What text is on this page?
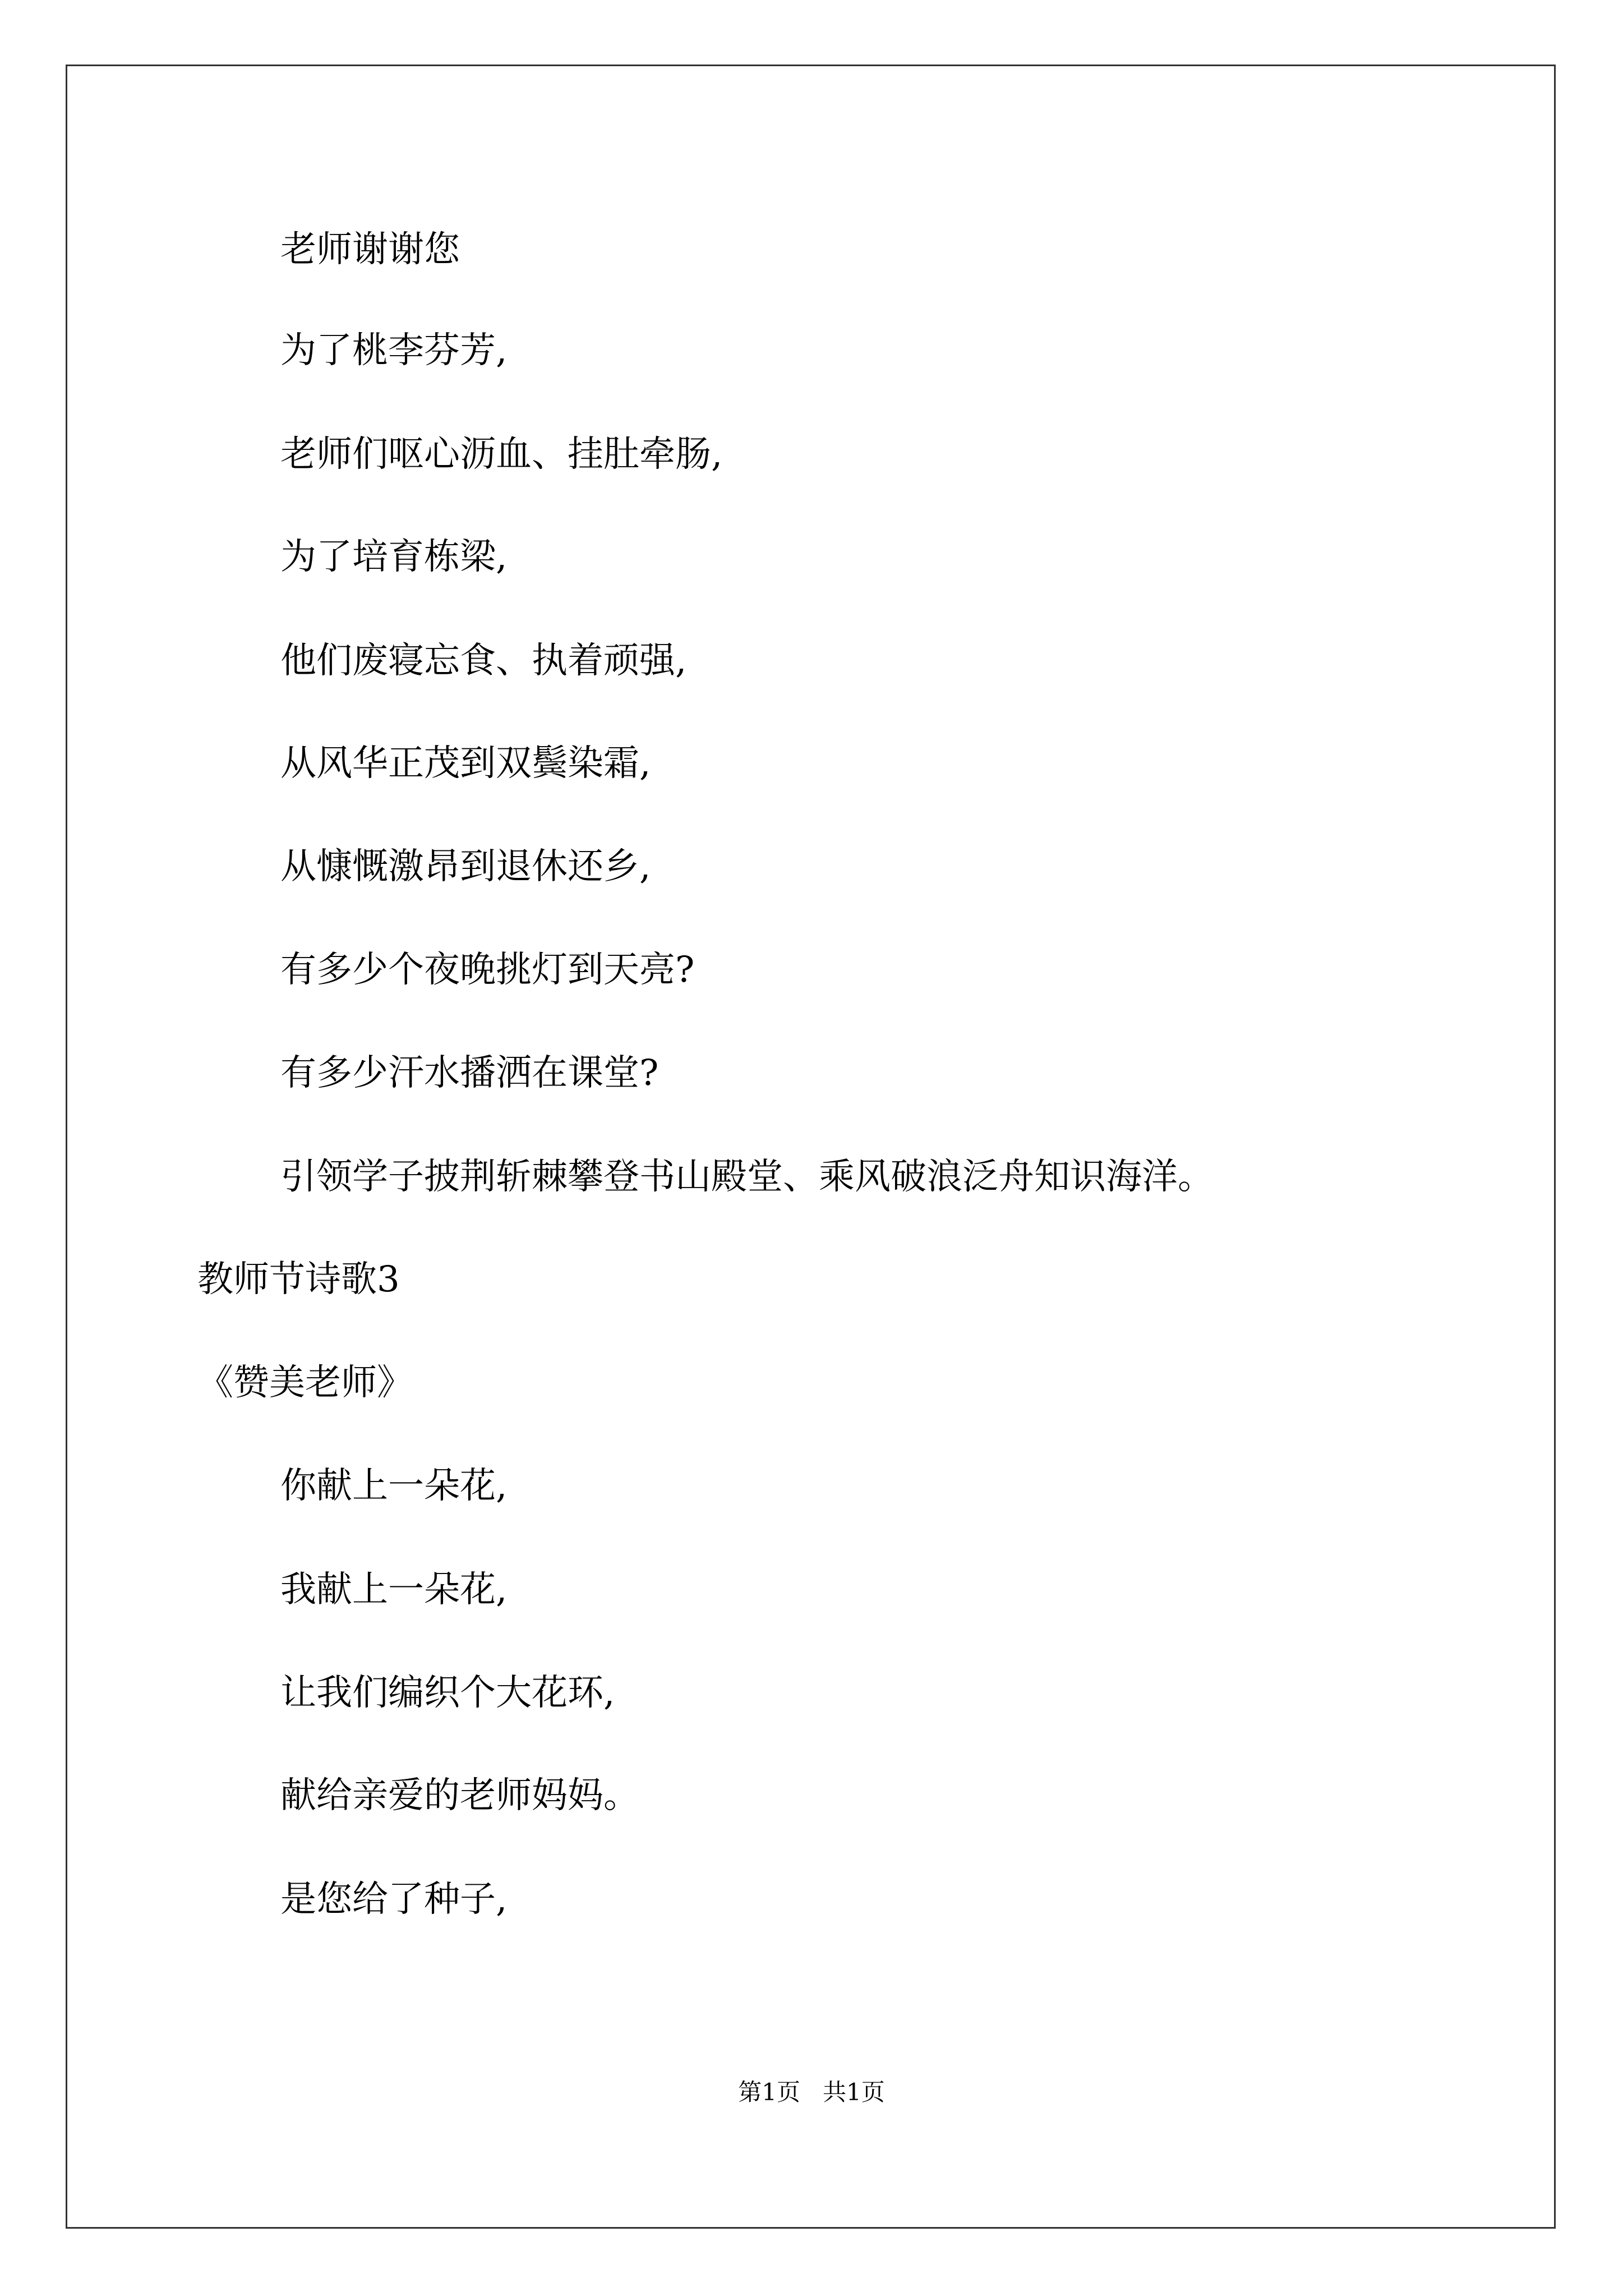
老师谢谢您

为了桃李芬芳,

老师们呕心沥血、挂肚牵肠,

为了培育栋梁,

他们废寝忘食、执着顽强,

从风华正茂到双鬓染霜,

从慷慨激昂到退休还乡,

有多少个夜晚挑灯到天亮?

有多少汗水播洒在课堂?

引领学子披荆斩棘攀登书山殿堂、乘风破浪泛舟知识海洋。

教师节诗歌3

《赞美老师》

你献上一朵花,

我献上一朵花,

让我们编织个大花环,

献给亲爱的老师妈妈。

是您给了种子,

第1页   共1页
